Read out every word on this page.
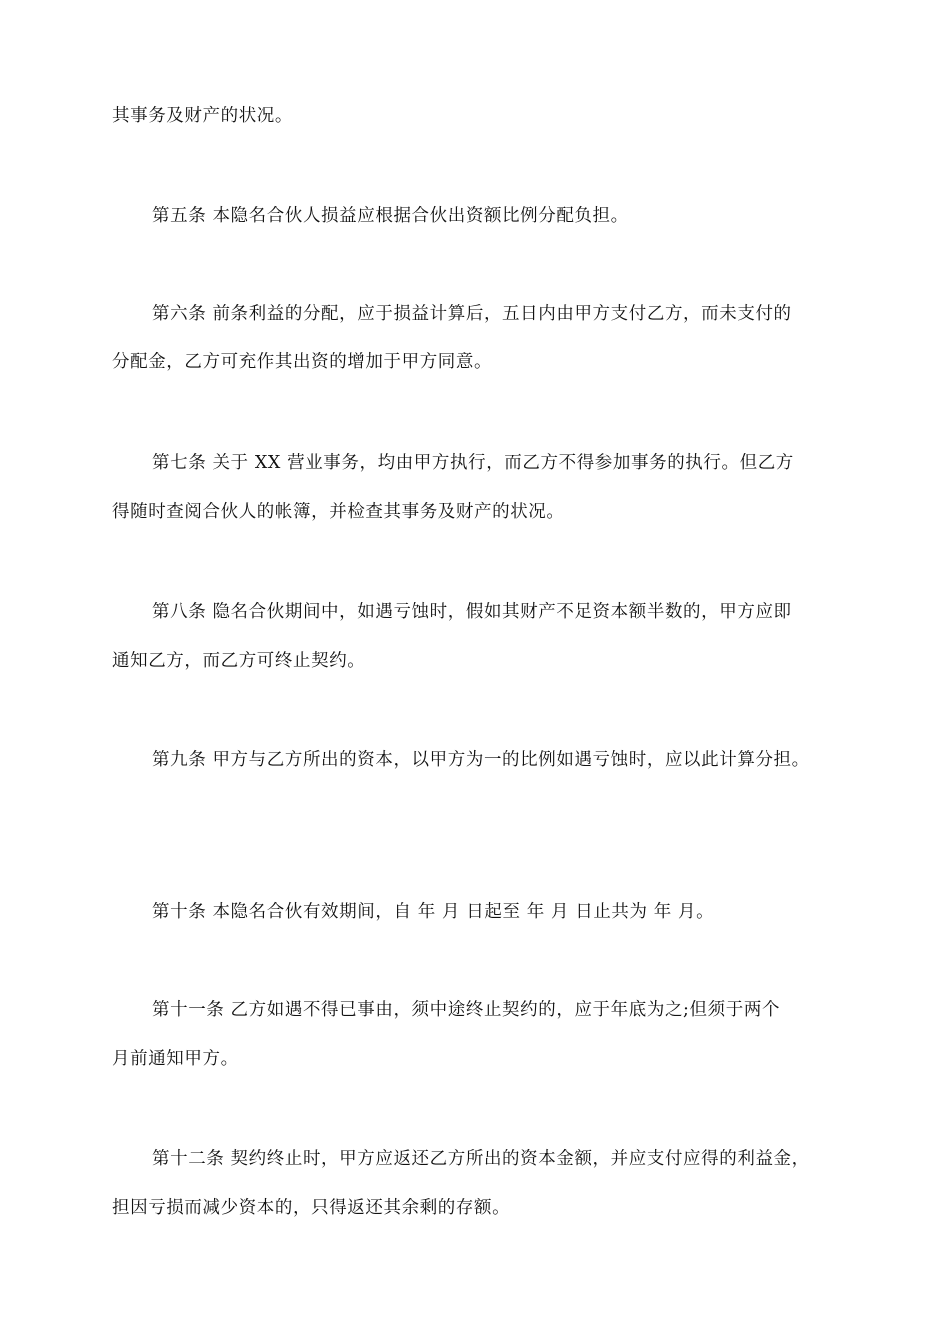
其事务及财产的状况。
第五条 本隐名合伙人损益应根据合伙出资额比例分配负担。
第六条 前条利益的分配，应于损益计算后，五日内由甲方支付乙方，而未支付的
分配金，乙方可充作其出资的增加于甲方同意。
第七条 关于 XX 营业事务，均由甲方执行，而乙方不得参加事务的执行。但乙方
得随时查阅合伙人的帐簿，并检查其事务及财产的状况。
第八条 隐名合伙期间中，如遇亏蚀时，假如其财产不足资本额半数的，甲方应即
通知乙方，而乙方可终止契约。
第九条 甲方与乙方所出的资本，以甲方为一的比例如遇亏蚀时，应以此计算分担。
第十条 本隐名合伙有效期间，自 年 月 日起至 年 月 日止共为 年 月。
第十一条 乙方如遇不得已事由，须中途终止契约的，应于年底为之;但须于两个
月前通知甲方。
第十二条 契约终止时，甲方应返还乙方所出的资本金额，并应支付应得的利益金，
担因亏损而减少资本的，只得返还其余剩的存额。
